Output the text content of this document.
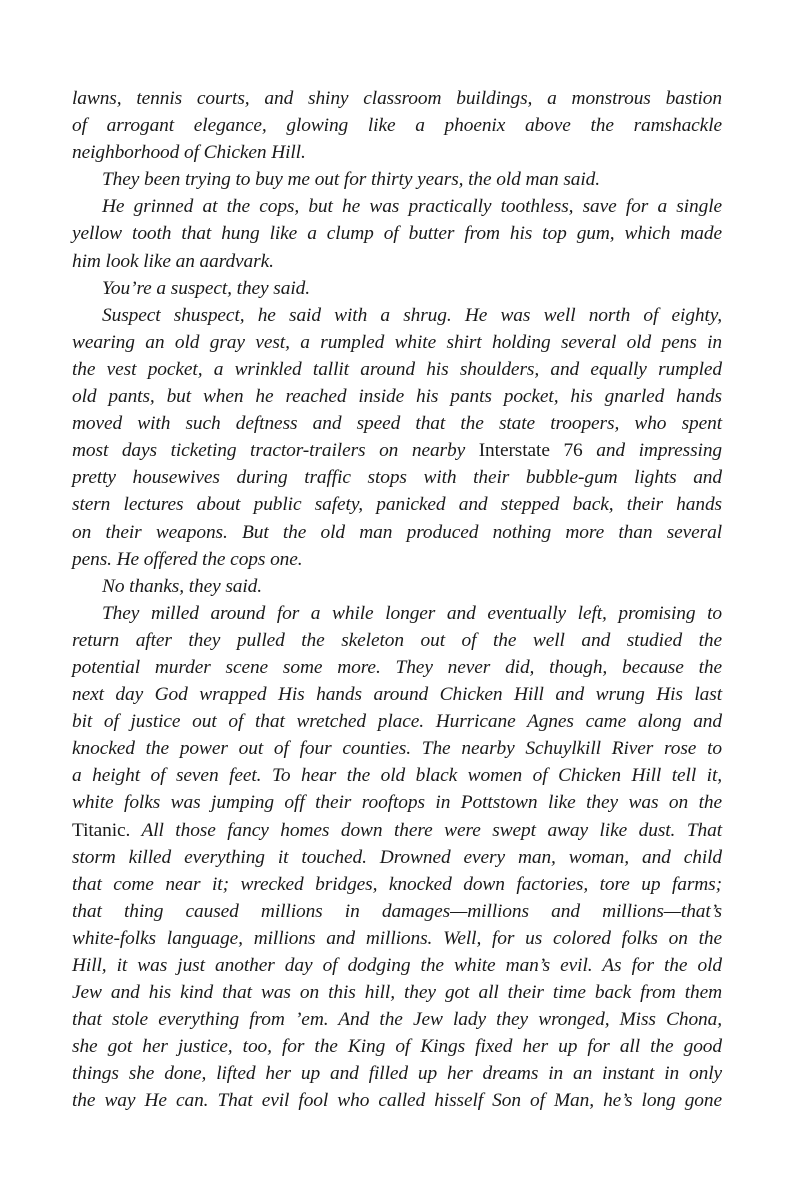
lawns, tennis courts, and shiny classroom buildings, a monstrous bastion
of arrogant elegance, glowing like a phoenix above the ramshackle
neighborhood of Chicken Hill.
They been trying to buy me out for thirty years, the old man said.
He grinned at the cops, but he was practically toothless, save for a single
yellow tooth that hung like a clump of butter from his top gum, which made
him look like an aardvark.
You’re a suspect, they said.
Suspect shuspect, he said with a shrug. He was well north of eighty,
wearing an old gray vest, a rumpled white shirt holding several old pens in
the vest pocket, a wrinkled tallit around his shoulders, and equally rumpled
old pants, but when he reached inside his pants pocket, his gnarled hands
moved with such deftness and speed that the state troopers, who spent
most days ticketing tractor-trailers on nearby Interstate 76 and impressing
pretty housewives during traffic stops with their bubble-gum lights and
stern lectures about public safety, panicked and stepped back, their hands
on their weapons. But the old man produced nothing more than several
pens. He offered the cops one.
No thanks, they said.
They milled around for a while longer and eventually left, promising to
return after they pulled the skeleton out of the well and studied the
potential murder scene some more. They never did, though, because the
next day God wrapped His hands around Chicken Hill and wrung His last
bit of justice out of that wretched place. Hurricane Agnes came along and
knocked the power out of four counties. The nearby Schuylkill River rose to
a height of seven feet. To hear the old black women of Chicken Hill tell it,
white folks was jumping off their rooftops in Pottstown like they was on the
Titanic. All those fancy homes down there were swept away like dust. That
storm killed everything it touched. Drowned every man, woman, and child
that come near it; wrecked bridges, knocked down factories, tore up farms;
that thing caused millions in damages—millions and millions—that’s
white-folks language, millions and millions. Well, for us colored folks on the
Hill, it was just another day of dodging the white man’s evil. As for the old
Jew and his kind that was on this hill, they got all their time back from them
that stole everything from ’em. And the Jew lady they wronged, Miss Chona,
she got her justice, too, for the King of Kings fixed her up for all the good
things she done, lifted her up and filled up her dreams in an instant in only
the way He can. That evil fool who called hisself Son of Man, he’s long gone
